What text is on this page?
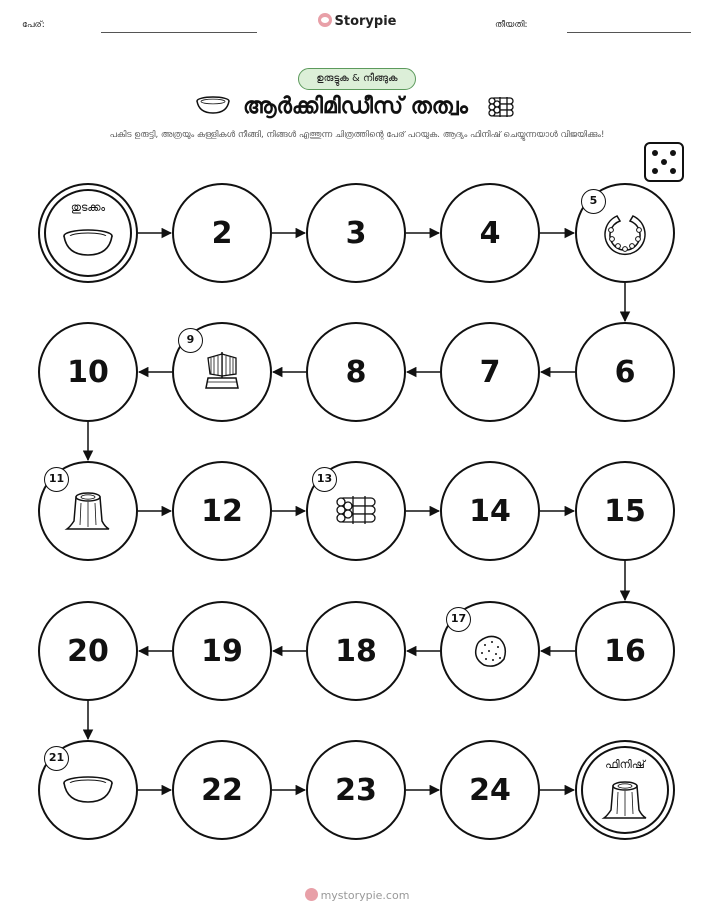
പേര്:	Storypie	തീയതി:
ഉരുട്ടുക & നീങ്ങുക
ആർക്കിമിഡീസ് തത്വം
പകിട ഉരുട്ടി, അത്രയും കള്ളികൾ നീങ്ങി, നിങ്ങൾ എത്തുന്ന ചിത്രത്തിന്റെ പേര് പറയുക. ആദ്യം ഫിനിഷ് ചെയ്യുന്നയാൾ വിജയിക്കും!
തുടക്കം
2	3	4
5
6
7
8
9
10
11
12
13
14	15
16
17
18
19
20
21
22	23	24
ഫിനിഷ്
mystorypie.com
